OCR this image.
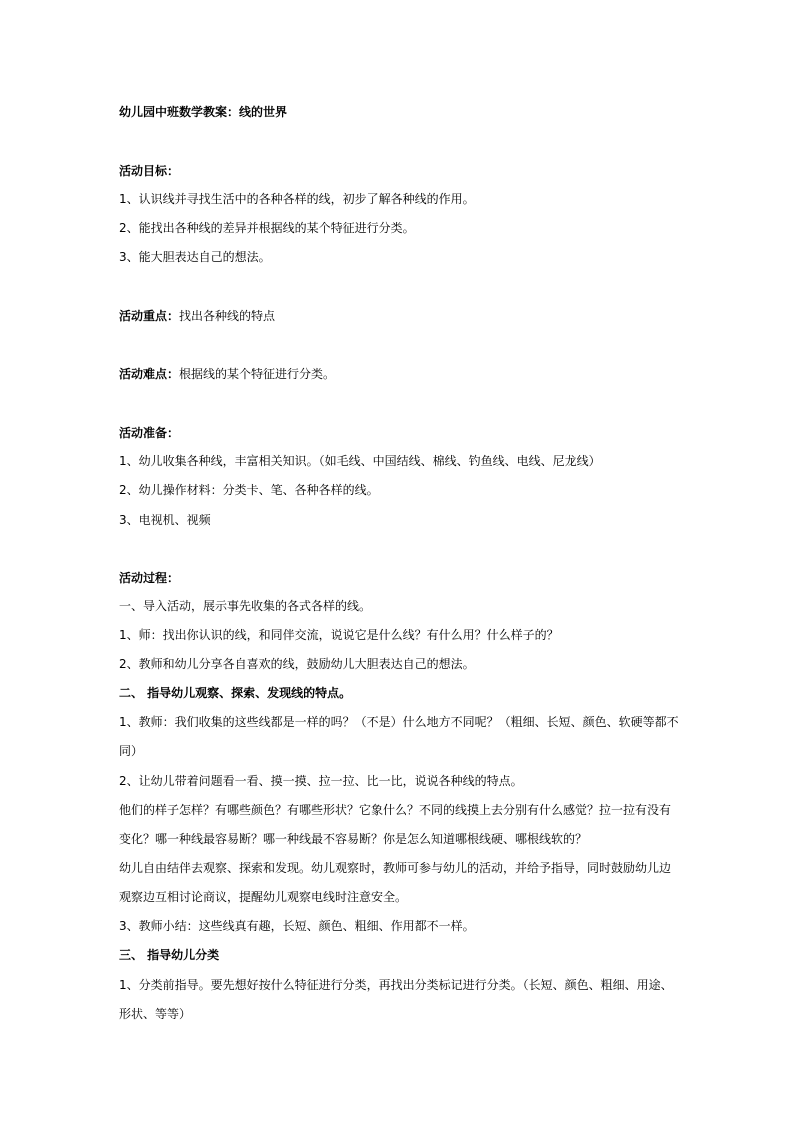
幼儿园中班数学教案：线的世界
活动目标：
1、认识线并寻找生活中的各种各样的线，初步了解各种线的作用。
2、能找出各种线的差异并根据线的某个特征进行分类。
3、能大胆表达自己的想法。
活动重点：找出各种线的特点
活动难点：根据线的某个特征进行分类。
活动准备：
1、幼儿收集各种线，丰富相关知识。（如毛线、中国结线、棉线、钓鱼线、电线、尼龙线）
2、幼儿操作材料：分类卡、笔、各种各样的线。
3、电视机、视频
活动过程：
一、导入活动，展示事先收集的各式各样的线。
1、师：找出你认识的线，和同伴交流，说说它是什么线？有什么用？什么样子的？
2、教师和幼儿分享各自喜欢的线，鼓励幼儿大胆表达自己的想法。
二、 指导幼儿观察、探索、发现线的特点。
1、教师：我们收集的这些线都是一样的吗？（不是）什么地方不同呢？（粗细、长短、颜色、软硬等都不
同）
2、让幼儿带着问题看一看、摸一摸、拉一拉、比一比，说说各种线的特点。
他们的样子怎样？有哪些颜色？有哪些形状？它象什么？不同的线摸上去分别有什么感觉？拉一拉有没有
变化？哪一种线最容易断？哪一种线最不容易断？你是怎么知道哪根线硬、哪根线软的？
幼儿自由结伴去观察、探索和发现。幼儿观察时，教师可参与幼儿的活动，并给予指导，同时鼓励幼儿边
观察边互相讨论商议，提醒幼儿观察电线时注意安全。
3、教师小结：这些线真有趣，长短、颜色、粗细、作用都不一样。
三、 指导幼儿分类
1、分类前指导。要先想好按什么特征进行分类，再找出分类标记进行分类。（长短、颜色、粗细、用途、
形状、等等）
